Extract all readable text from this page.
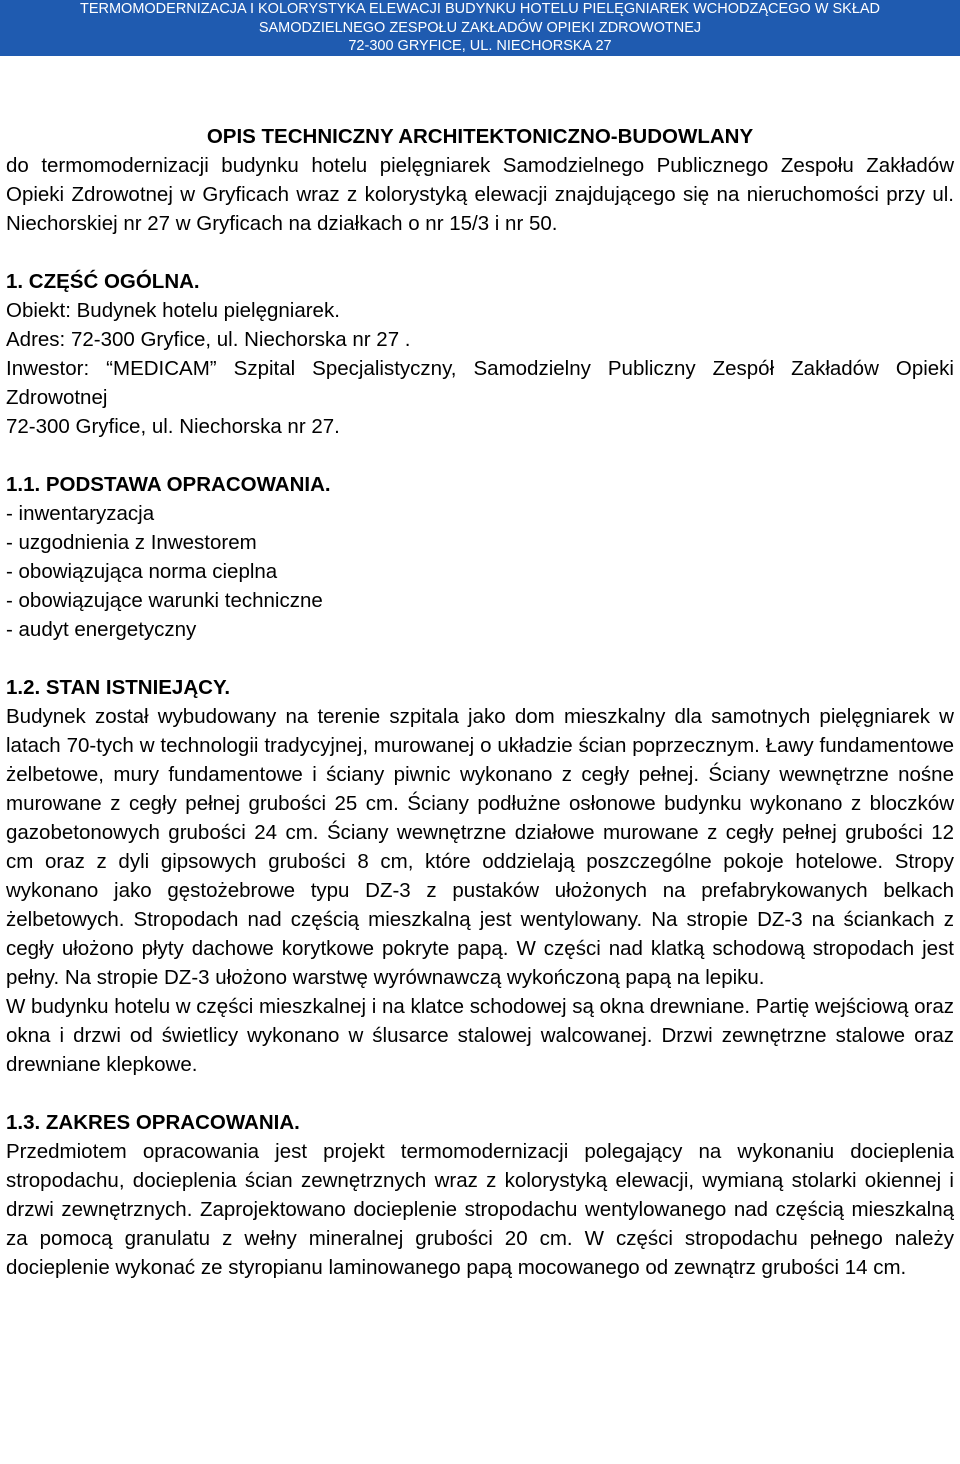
TERMOMODERNIZACJA I KOLORYSTYKA ELEWACJI BUDYNKU HOTELU PIELĘGNIAREK WCHODZĄCEGO W SKŁAD
SAMODZIELNEGO ZESPOŁU ZAKŁADÓW OPIEKI ZDROWOTNEJ
72-300 GRYFICE, UL. NIECHORSKA 27
OPIS TECHNICZNY ARCHITEKTONICZNO-BUDOWLANY
do termomodernizacji budynku hotelu pielęgniarek Samodzielnego Publicznego Zespołu Zakładów Opieki Zdrowotnej w Gryficach wraz z kolorystyką elewacji znajdującego się na nieruchomości przy ul. Niechorskiej nr 27 w Gryficach na działkach o nr 15/3 i nr 50.
1. CZĘŚĆ OGÓLNA.
Obiekt: Budynek hotelu pielęgniarek.
Adres: 72-300 Gryfice, ul. Niechorska nr 27 .
Inwestor: “MEDICAM” Szpital Specjalistyczny, Samodzielny Publiczny Zespół Zakładów Opieki Zdrowotnej
72-300 Gryfice, ul. Niechorska nr 27.
1.1. PODSTAWA OPRACOWANIA.
- inwentaryzacja
- uzgodnienia z Inwestorem
- obowiązująca norma cieplna
- obowiązujące warunki techniczne
- audyt energetyczny
1.2. STAN ISTNIEJĄCY.
Budynek został wybudowany na terenie szpitala jako dom mieszkalny dla samotnych pielęgniarek w latach 70-tych w technologii tradycyjnej, murowanej o układzie ścian poprzecznym. Ławy fundamentowe żelbetowe, mury fundamentowe i ściany piwnic wykonano z cegły pełnej. Ściany wewnętrzne nośne murowane z cegły pełnej grubości 25 cm. Ściany podłużne osłonowe budynku wykonano z bloczków gazobetonowych grubości 24 cm. Ściany wewnętrzne działowe murowane z cegły pełnej grubości 12 cm oraz z dyli gipsowych grubości 8 cm, które oddzielają poszczególne pokoje hotelowe. Stropy wykonano jako gęstożebrowe typu DZ-3 z pustaków ułożonych na prefabrykowanych belkach żelbetowych. Stropodach nad częścią mieszkalną jest wentylowany. Na stropie DZ-3 na ściankach z cegły ułożono płyty dachowe korytkowe pokryte papą. W części nad klatką schodową stropodach jest pełny. Na stropie DZ-3 ułożono warstwę wyrównawczą wykończoną papą na lepiku.
W budynku hotelu w części mieszkalnej i na klatce schodowej są okna drewniane. Partię wejściową oraz okna i drzwi od świetlicy wykonano w ślusarce stalowej walcowanej. Drzwi zewnętrzne stalowe oraz drewniane klepkowe.
1.3. ZAKRES OPRACOWANIA.
Przedmiotem opracowania jest projekt termomodernizacji polegający na wykonaniu docieplenia stropodachu, docieplenia ścian zewnętrznych wraz z kolorystyką elewacji, wymianą stolarki okiennej i drzwi zewnętrznych. Zaprojektowano docieplenie stropodachu wentylowanego nad częścią mieszkalną za pomocą granulatu z wełny mineralnej grubości 20 cm. W części stropodachu pełnego należy docieplenie wykonać ze styropianu laminowanego papą mocowanego od zewnątrz grubości 14 cm.
